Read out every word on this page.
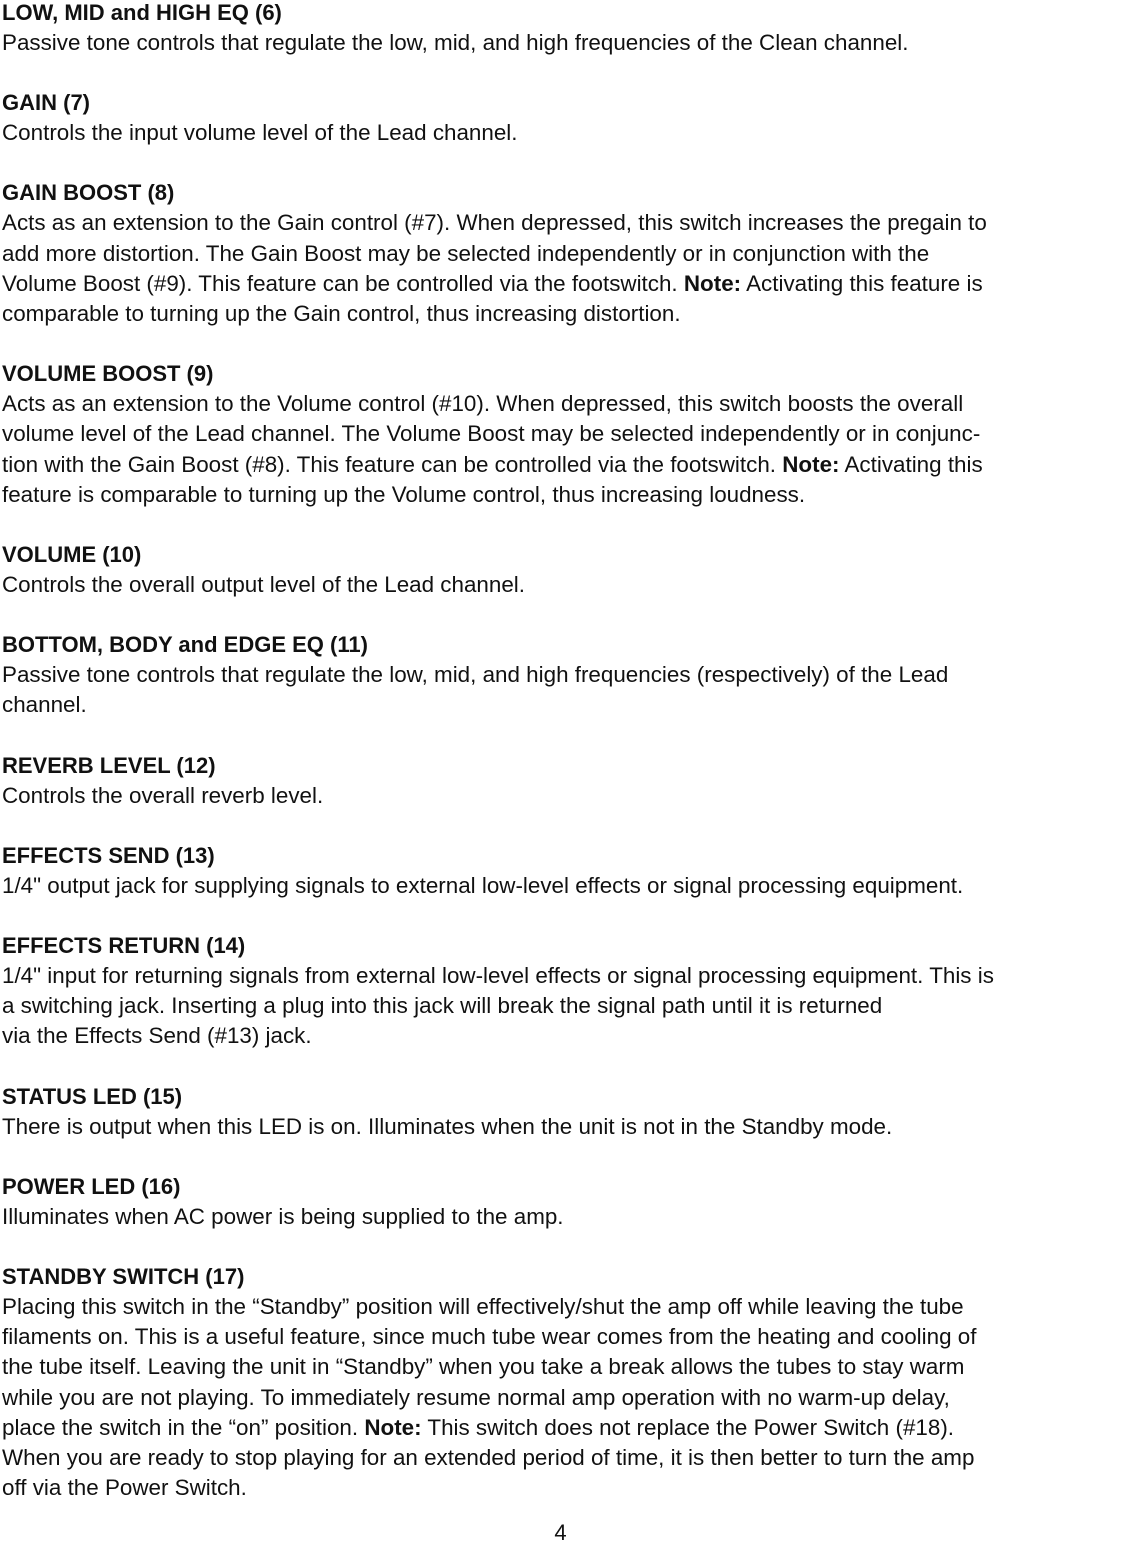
LOW, MID and HIGH EQ (6)

Passive tone controls that regulate the low, mid, and high frequencies of the Clean channel.

GAIN (7)

Controls the input volume level of the Lead channel.

GAIN BOOST (8)

Acts as an extension to the Gain control (#7). When depressed, this switch increases the pregain to
add more distortion. The Gain Boost may be selected independently or in conjunction with the
Volume Boost (#9). This feature can be controlled via the footswitch. Note: Activating this feature is
comparable to turning up the Gain control, thus increasing distortion.

VOLUME BOOST (9)

Acts as an extension to the Volume control (#10). When depressed, this switch boosts the overall
volume level of the Lead channel. The Volume Boost may be selected independently or in conjunc-
tion with the Gain Boost (#8). This feature can be controlled via the footswitch. Note: Activating this
feature is comparable to turning up the Volume control, thus increasing loudness.

VOLUME (10)

Controls the overall output level of the Lead channel.

BOTTOM, BODY and EDGE EQ (11)

Passive tone controls that regulate the low, mid, and high frequencies (respectively) of the Lead
channel.

REVERB LEVEL (12)

Controls the overall reverb level.

EFFECTS SEND (13)

1/4" output jack for supplying signals to external low-level effects or signal processing equipment.

EFFECTS RETURN (14)

1/4" input for returning signals from external low-level effects or signal processing equipment. This is
a switching jack. Inserting a plug into this jack will break the signal path until it is returned
via the Effects Send (#13) jack.

STATUS LED (15)

There is output when this LED is on. Illuminates when the unit is not in the Standby mode.

POWER LED (16)

Illuminates when AC power is being supplied to the amp.

STANDBY SWITCH (17)

Placing this switch in the “Standby” position will effectively/shut the amp off while leaving the tube
filaments on. This is a useful feature, since much tube wear comes from the heating and cooling of
the tube itself. Leaving the unit in “Standby” when you take a break allows the tubes to stay warm
while you are not playing. To immediately resume normal amp operation with no warm-up delay,
place the switch in the “on” position. Note: This switch does not replace the Power Switch (#18).
When you are ready to stop playing for an extended period of time, it is then better to turn the amp
off via the Power Switch.

4
